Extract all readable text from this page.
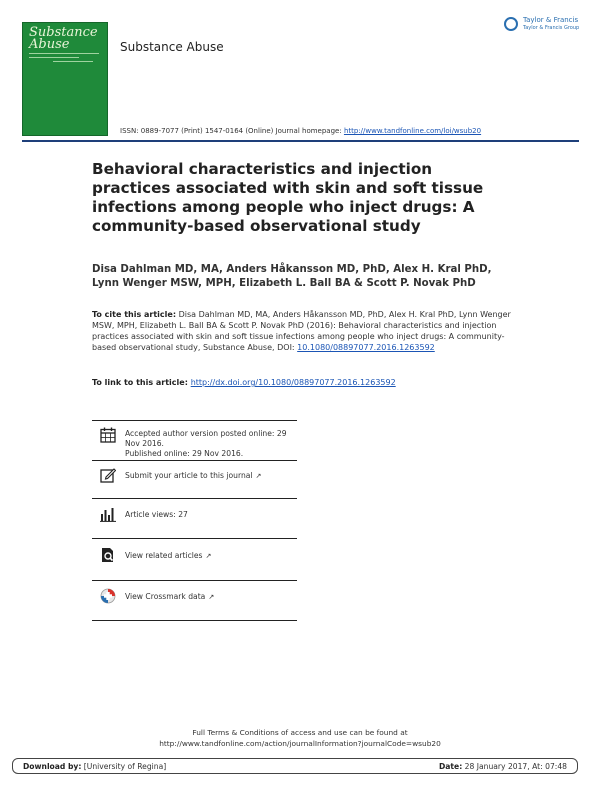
Substance Abuse	Substance Abuse
Taylor & Francis
Taylor & Francis Group
ISSN: 0889-7077 (Print) 1547-0164 (Online) Journal homepage: http://www.tandfonline.com/loi/wsub20
Behavioral characteristics and injection practices associated with skin and soft tissue infections among people who inject drugs: A community-based observational study
Disa Dahlman MD, MA, Anders Håkansson MD, PhD, Alex H. Kral PhD, Lynn Wenger MSW, MPH, Elizabeth L. Ball BA & Scott P. Novak PhD
To cite this article: Disa Dahlman MD, MA, Anders Håkansson MD, PhD, Alex H. Kral PhD, Lynn Wenger MSW, MPH, Elizabeth L. Ball BA & Scott P. Novak PhD (2016): Behavioral characteristics and injection practices associated with skin and soft tissue infections among people who inject drugs: A community-based observational study, Substance Abuse, DOI: 10.1080/08897077.2016.1263592
To link to this article: http://dx.doi.org/10.1080/08897077.2016.1263592
Accepted author version posted online: 29 Nov 2016.
Published online: 29 Nov 2016.
Submit your article to this journal ↗
Article views: 27
View related articles ↗
View Crossmark data ↗
Full Terms & Conditions of access and use can be found at
http://www.tandfonline.com/action/journalInformation?journalCode=wsub20
Download by: [University of Regina]	Date: 28 January 2017, At: 07:48
